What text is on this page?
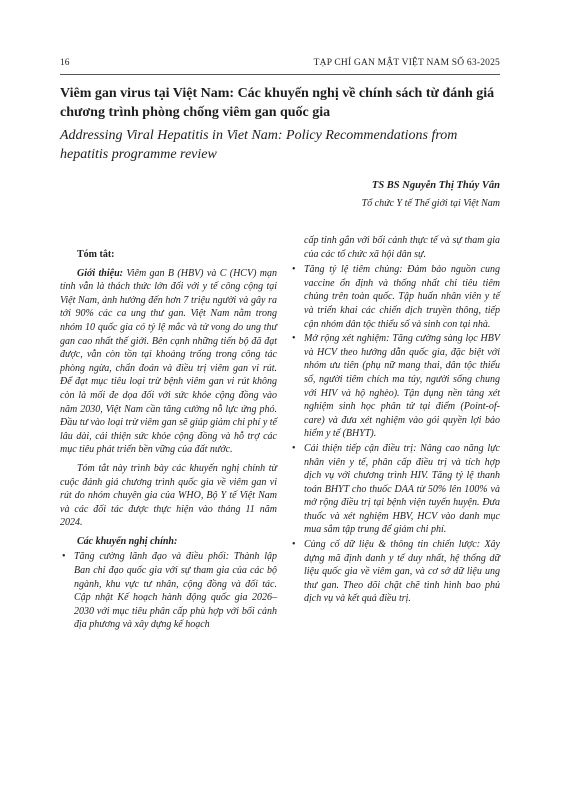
16	TẠP CHÍ GAN MẬT VIỆT NAM SỐ 63-2025
Viêm gan virus tại Việt Nam: Các khuyến nghị về chính sách từ đánh giá chương trình phòng chống viêm gan quốc gia
Addressing Viral Hepatitis in Viet Nam: Policy Recommendations from hepatitis programme review
TS BS Nguyễn Thị Thúy Vân
Tổ chức Y tế Thế giới tại Việt Nam

Tóm tắt:

Giới thiệu: Viêm gan B (HBV) và C (HCV) mạn tính vẫn là thách thức lớn đối với y tế công cộng tại Việt Nam, ảnh hưởng đến hơn 7 triệu người và gây ra tới 90% các ca ung thư gan. Việt Nam nằm trong nhóm 10 quốc gia có tỷ lệ mắc và tử vong do ung thư gan cao nhất thế giới. Bên cạnh những tiến bộ đã đạt được, vẫn còn tồn tại khoảng trống trong công tác phòng ngừa, chẩn đoán và điều trị viêm gan vi rút. Để đạt mục tiêu loại trừ bệnh viêm gan vi rút không còn là mối đe dọa đối với sức khỏe cộng đồng vào năm 2030, Việt Nam cần tăng cường nỗ lực ứng phó. Đầu tư vào loại trừ viêm gan sẽ giúp giảm chi phí y tế lâu dài, cải thiện sức khỏe cộng đồng và hỗ trợ các mục tiêu phát triển bền vững của đất nước.

Tóm tắt này trình bày các khuyến nghị chính từ cuộc đánh giá chương trình quốc gia về viêm gan vi rút do nhóm chuyên gia của WHO, Bộ Y tế Việt Nam và các đối tác được thực hiện vào tháng 11 năm 2024.

Các khuyến nghị chính:

• Tăng cường lãnh đạo và điều phối: Thành lập Ban chỉ đạo quốc gia với sự tham gia của các bộ ngành, khu vực tư nhân, cộng đồng và đối tác. Cập nhật Kế hoạch hành động quốc gia 2026–2030 với mục tiêu phân cấp phù hợp với bối cảnh địa phương và xây dựng kế hoạch

cấp tỉnh gắn với bối cảnh thực tế và sự tham gia của các tổ chức xã hội dân sự.

• Tăng tỷ lệ tiêm chủng: Đảm bảo nguồn cung vaccine ổn định và thống nhất chỉ tiêu tiêm chủng trên toàn quốc. Tập huấn nhân viên y tế và triển khai các chiến dịch truyền thông, tiếp cận nhóm dân tộc thiểu số và sinh con tại nhà.
• Mở rộng xét nghiệm: Tăng cường sàng lọc HBV và HCV theo hướng dẫn quốc gia, đặc biệt với nhóm ưu tiên (phụ nữ mang thai, dân tộc thiểu số, người tiêm chích ma túy, người sống chung với HIV và hộ nghèo). Tận dụng nền tảng xét nghiệm sinh học phân tử tại điểm (Point-of-care) và đưa xét nghiệm vào gói quyền lợi bảo hiểm y tế (BHYT).
• Cải thiện tiếp cận điều trị: Nâng cao năng lực nhân viên y tế, phân cấp điều trị và tích hợp dịch vụ với chương trình HIV. Tăng tỷ lệ thanh toán BHYT cho thuốc DAA từ 50% lên 100% và mở rộng điều trị tại bệnh viện tuyến huyện. Đưa thuốc và xét nghiệm HBV, HCV vào danh mục mua sắm tập trung để giảm chi phí.
• Củng cố dữ liệu & thông tin chiến lược: Xây dựng mã định danh y tế duy nhất, hệ thống dữ liệu quốc gia về viêm gan, và cơ sở dữ liệu ung thư gan. Theo dõi chặt chẽ tình hình bao phủ dịch vụ và kết quả điều trị.
